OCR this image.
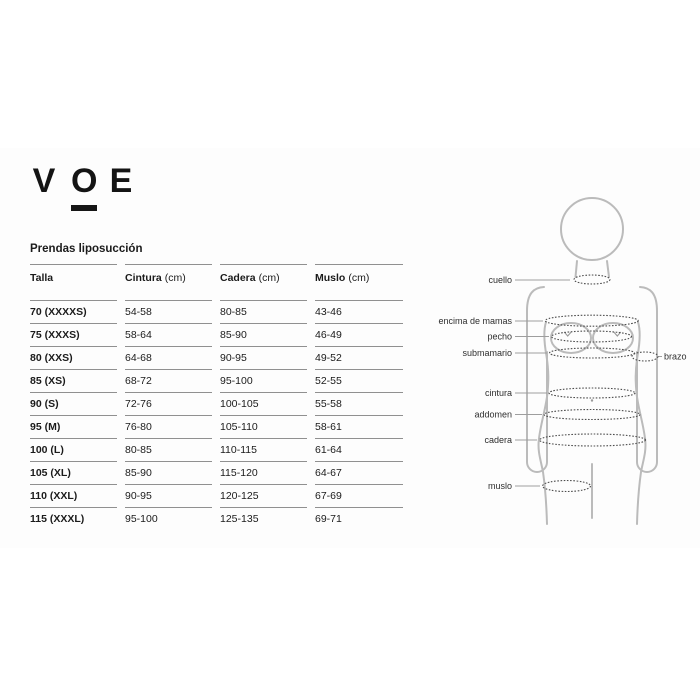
V O E
Prendas liposucción
Talla	Cintura (cm)	Cadera (cm)	Muslo (cm)
70 (XXXXS)	54-58	80-85	43-46
75 (XXXS)	58-64	85-90	46-49
80 (XXS)	64-68	90-95	49-52
85 (XS)	68-72	95-100	52-55
90 (S)	72-76	100-105	55-58
95 (M)	76-80	105-110	58-61
100 (L)	80-85	110-115	61-64
105 (XL)	85-90	115-120	64-67
110 (XXL)	90-95	120-125	67-69
115 (XXXL)	95-100	125-135	69-71
cuello
encima de mamas
pecho
submamario	brazo
cintura
addomen
cadera
muslo
